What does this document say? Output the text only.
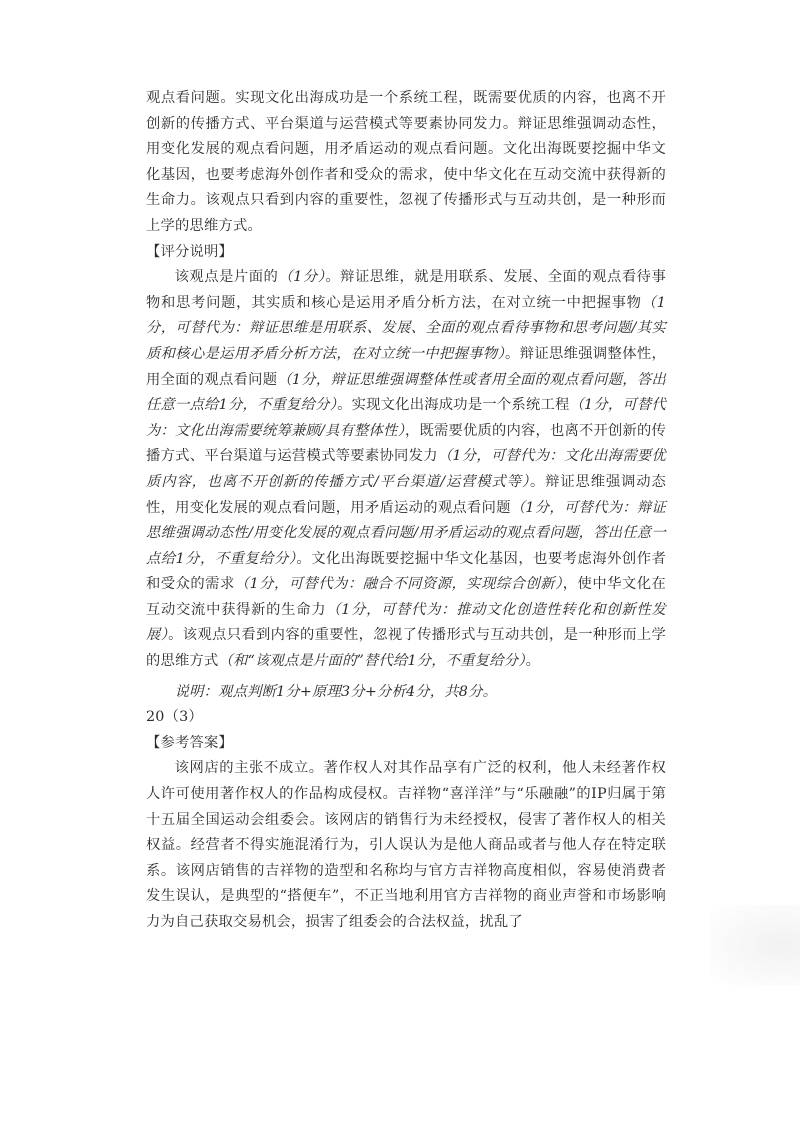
观点看问题。实现文化出海成功是一个系统工程，既需要优质的内容，也离不开创新的传播方式、平台渠道与运营模式等要素协同发力。辩证思维强调动态性，用变化发展的观点看问题，用矛盾运动的观点看问题。文化出海既要挖掘中华文化基因，也要考虑海外创作者和受众的需求，使中华文化在互动交流中获得新的生命力。该观点只看到内容的重要性，忽视了传播形式与互动共创，是一种形而上学的思维方式。

【评分说明】

该观点是片面的（1分）。辩证思维，就是用联系、发展、全面的观点看待事物和思考问题，其实质和核心是运用矛盾分析方法，在对立统一中把握事物（1分，可替代为：辩证思维是用联系、发展、全面的观点看待事物和思考问题/其实质和核心是运用矛盾分析方法，在对立统一中把握事物）。辩证思维强调整体性，用全面的观点看问题（1分，辩证思维强调整体性或者用全面的观点看问题，答出任意一点给1分，不重复给分）。实现文化出海成功是一个系统工程（1分，可替代为：文化出海需要统筹兼顾/具有整体性），既需要优质的内容，也离不开创新的传播方式、平台渠道与运营模式等要素协同发力（1分，可替代为：文化出海需要优质内容，也离不开创新的传播方式/平台渠道/运营模式等）。辩证思维强调动态性，用变化发展的观点看问题，用矛盾运动的观点看问题（1分，可替代为：辩证思维强调动态性/用变化发展的观点看问题/用矛盾运动的观点看问题，答出任意一点给1分，不重复给分）。文化出海既要挖掘中华文化基因，也要考虑海外创作者和受众的需求（1分，可替代为：融合不同资源，实现综合创新），使中华文化在互动交流中获得新的生命力（1分，可替代为：推动文化创造性转化和创新性发展）。该观点只看到内容的重要性，忽视了传播形式与互动共创，是一种形而上学的思维方式（和“该观点是片面的”替代给1分，不重复给分）。

说明：观点判断1分+原理3分+分析4分，共8分。

20（3）

【参考答案】

该网店的主张不成立。著作权人对其作品享有广泛的权利，他人未经著作权人许可使用著作权人的作品构成侵权。吉祥物“喜洋洋”与“乐融融”的IP归属于第十五届全国运动会组委会。该网店的销售行为未经授权，侵害了著作权人的相关权益。经营者不得实施混淆行为，引人误认为是他人商品或者与他人存在特定联系。该网店销售的吉祥物的造型和名称均与官方吉祥物高度相似，容易使消费者发生误认，是典型的“搭便车”，不正当地利用官方吉祥物的商业声誉和市场影响力为自己获取交易机会，损害了组委会的合法权益，扰乱了
